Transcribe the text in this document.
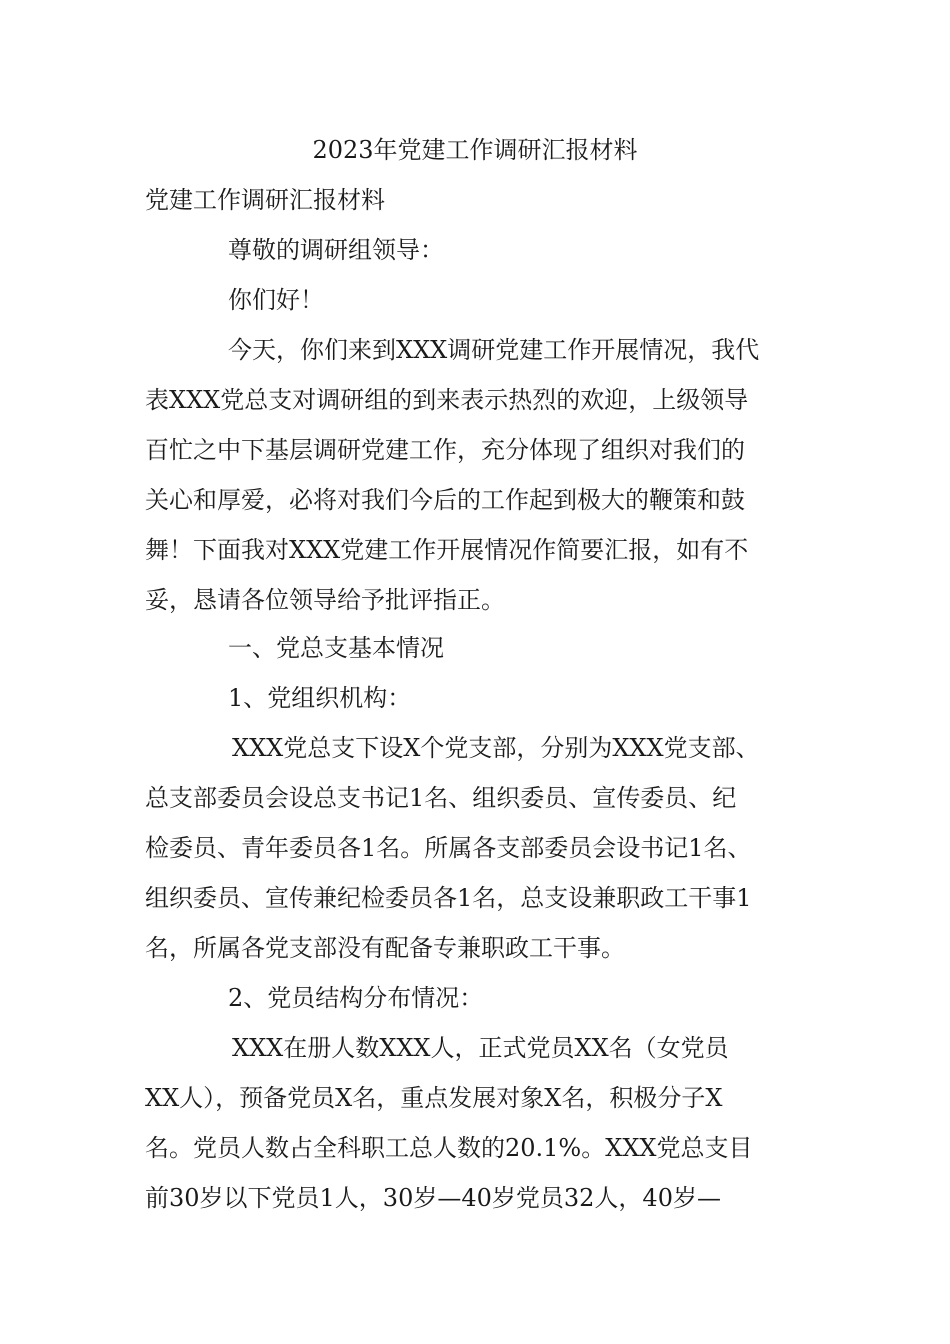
2023年党建工作调研汇报材料
党建工作调研汇报材料
尊敬的调研组领导：
你们好！
今天，你们来到XXX调研党建工作开展情况，我代
表XXX党总支对调研组的到来表示热烈的欢迎，上级领导
百忙之中下基层调研党建工作，充分体现了组织对我们的
关心和厚爱，必将对我们今后的工作起到极大的鞭策和鼓
舞！下面我对XXX党建工作开展情况作简要汇报，如有不
妥，恳请各位领导给予批评指正。
一、党总支基本情况
1、党组织机构：
XXX党总支下设X个党支部，分别为XXX党支部、
总支部委员会设总支书记1名、组织委员、宣传委员、纪
检委员、青年委员各1名。所属各支部委员会设书记1名、
组织委员、宣传兼纪检委员各1名，总支设兼职政工干事1
名，所属各党支部没有配备专兼职政工干事。
2、党员结构分布情况：
XXX在册人数XXX人，正式党员XX名（女党员
XX人），预备党员X名，重点发展对象X名，积极分子X
名。党员人数占全科职工总人数的20.1%。XXX党总支目
前30岁以下党员1人，30岁—40岁党员32人，40岁—
